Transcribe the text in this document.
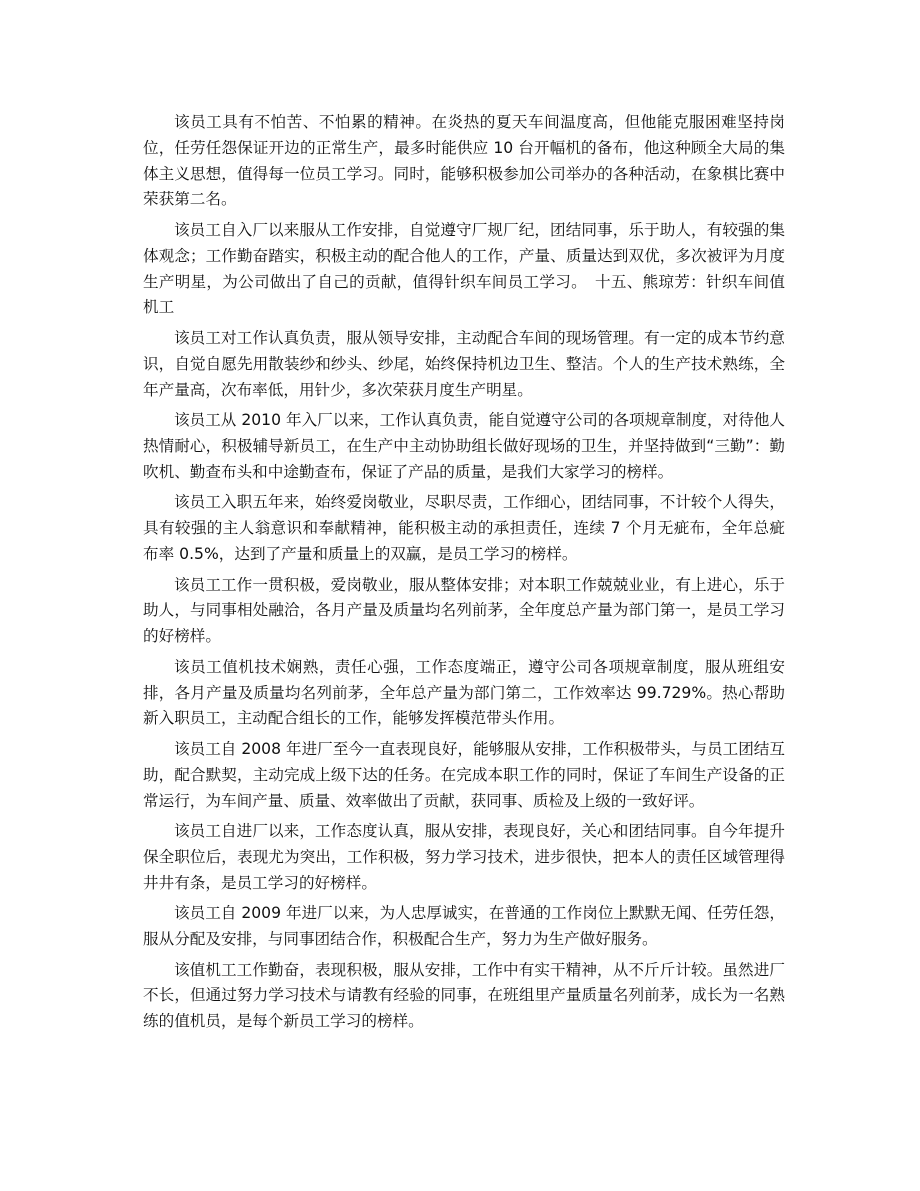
该员工具有不怕苦、不怕累的精神。在炎热的夏天车间温度高，但他能克服困难坚持岗位，任劳任怨保证开边的正常生产，最多时能供应 10 台开幅机的备布，他这种顾全大局的集体主义思想，值得每一位员工学习。同时，能够积极参加公司举办的各种活动，在象棋比赛中荣获第二名。

该员工自入厂以来服从工作安排，自觉遵守厂规厂纪，团结同事，乐于助人，有较强的集体观念；工作勤奋踏实，积极主动的配合他人的工作，产量、质量达到双优，多次被评为月度生产明星，为公司做出了自己的贡献，值得针织车间员工学习。　十五、熊琼芳：针织车间值机工

该员工对工作认真负责，服从领导安排，主动配合车间的现场管理。有一定的成本节约意识，自觉自愿先用散装纱和纱头、纱尾，始终保持机边卫生、整洁。个人的生产技术熟练，全年产量高，次布率低，用针少，多次荣获月度生产明星。

该员工从 2010 年入厂以来，工作认真负责，能自觉遵守公司的各项规章制度，对待他人热情耐心，积极辅导新员工，在生产中主动协助组长做好现场的卫生，并坚持做到“三勤”：勤吹机、勤查布头和中途勤查布，保证了产品的质量，是我们大家学习的榜样。

该员工入职五年来，始终爱岗敬业，尽职尽责，工作细心，团结同事，不计较个人得失，具有较强的主人翁意识和奉献精神，能积极主动的承担责任，连续 7 个月无疵布，全年总疵布率 0.5%，达到了产量和质量上的双赢，是员工学习的榜样。

该员工工作一贯积极，爱岗敬业，服从整体安排；对本职工作兢兢业业，有上进心，乐于助人，与同事相处融洽，各月产量及质量均名列前茅，全年度总产量为部门第一，是员工学习的好榜样。

该员工值机技术娴熟，责任心强，工作态度端正，遵守公司各项规章制度，服从班组安排，各月产量及质量均名列前茅，全年总产量为部门第二，工作效率达 99.729%。热心帮助新入职员工，主动配合组长的工作，能够发挥模范带头作用。

该员工自 2008 年进厂至今一直表现良好，能够服从安排，工作积极带头，与员工团结互助，配合默契，主动完成上级下达的任务。在完成本职工作的同时，保证了车间生产设备的正常运行，为车间产量、质量、效率做出了贡献，获同事、质检及上级的一致好评。

该员工自进厂以来，工作态度认真，服从安排，表现良好，关心和团结同事。自今年提升保全职位后，表现尤为突出，工作积极，努力学习技术，进步很快，把本人的责任区域管理得井井有条，是员工学习的好榜样。

该员工自 2009 年进厂以来，为人忠厚诚实，在普通的工作岗位上默默无闻、任劳任怨，服从分配及安排，与同事团结合作，积极配合生产，努力为生产做好服务。

该值机工工作勤奋，表现积极，服从安排，工作中有实干精神，从不斤斤计较。虽然进厂不长，但通过努力学习技术与请教有经验的同事，在班组里产量质量名列前茅，成长为一名熟练的值机员，是每个新员工学习的榜样。
